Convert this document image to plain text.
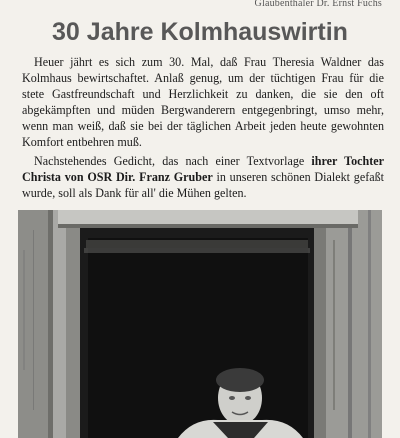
Glaubenthaler Dr. Ernst Fuchs
30 Jahre Kolmhauswirtin

Heuer jährt es sich zum 30. Mal, daß Frau Theresia Waldner das Kolmhaus bewirtschaftet. Anlaß genug, um der tüchtigen Frau für die stete Gastfreundschaft und Herzlichkeit zu danken, die sie den oft abgekämpften und müden Bergwanderern entgegenbringt, umso mehr, wenn man weiß, daß sie bei der täglichen Arbeit jeden heute gewohnten Komfort entbehren muß.

Nachstehendes Gedicht, das nach einer Textvorlage ihrer Tochter Christa von OSR Dir. Franz Gruber in unseren schönen Dialekt gefaßt wurde, soll als Dank für all' die Mühen gelten.
